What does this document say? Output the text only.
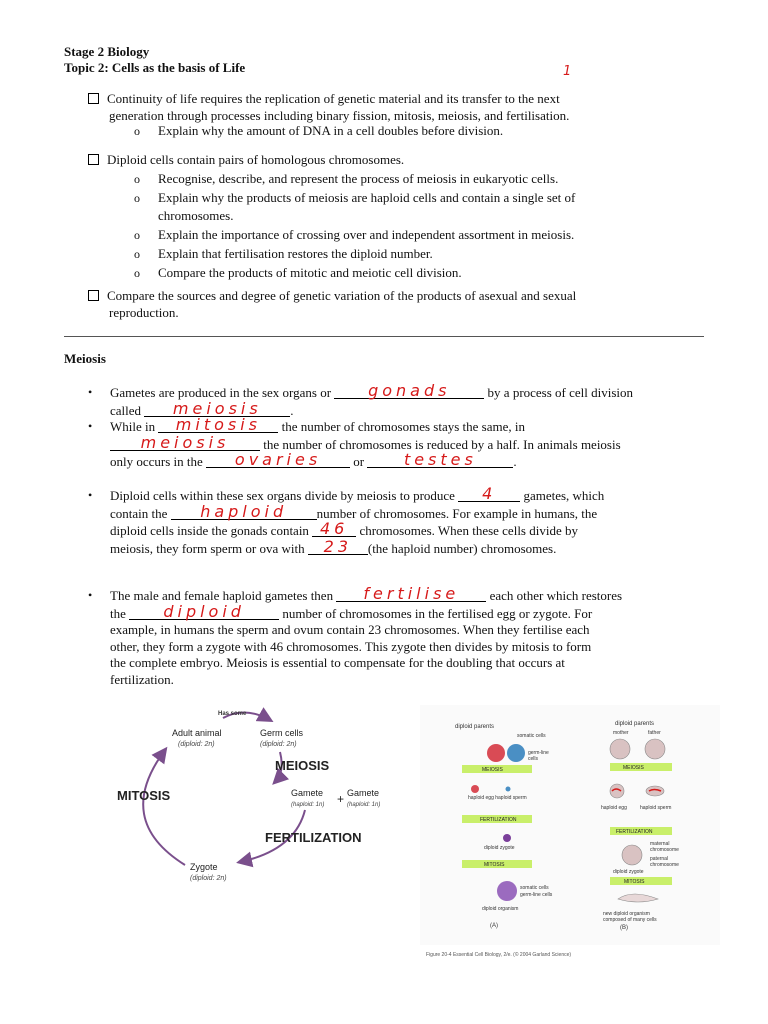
Stage 2 Biology
Topic 2: Cells as the basis of Life	1
Continuity of life requires the replication of genetic material and its transfer to the next
generation through processes including binary fission, mitosis, meiosis, and fertilisation.
o Explain why the amount of DNA in a cell doubles before division.
Diploid cells contain pairs of homologous chromosomes.
o Recognise, describe, and represent the process of meiosis in eukaryotic cells.
o Explain why the products of meiosis are haploid cells and contain a single set of
chromosomes.
o Explain the importance of crossing over and independent assortment in meiosis.
o Explain that fertilisation restores the diploid number.
o Compare the products of mitotic and meiotic cell division.
Compare the sources and degree of genetic variation of the products of asexual and sexual
reproduction.
Meiosis
• Gametes are produced in the sex organs or	gonads	by a process of cell division
called	meiosis	.
• While in	mitosis	the number of chromosomes stays the same, in

meiosis	the number of chromosomes is reduced by a half. In animals meiosis
only occurs in the	ovaries	or	testes	.
• Diploid cells within these sex organs divide by meiosis to produce	4	gametes, which
contain the	haploid	number of chromosomes. For example in humans, the
diploid cells inside the gonads contain 46 chromosomes. When these cells divide by
meiosis, they form sperm or ova with	23	(the haploid number) chromosomes.
• The male and female haploid gametes then	fertilise	each other which restores
the	diploid	number of chromosomes in the fertilised egg or zygote. For
example, in humans the sperm and ovum contain 23 chromosomes. When they fertilise each
other, they form a zygote with 46 chromosomes. This zygote then divides by mitosis to form
the complete embryo. Meiosis is essential to compensate for the doubling that occurs at
fertilization.
Has some
Adult animal
(diploid: 2n)
Germ cells
(diploid: 2n)
MEIOSIS
MITOSIS	Gamete
(haploid: 1n) + Gamete
(haploid: 1n)
FERTILIZATION
Zygote
(diploid: 2n)
diploid parents
somatic cells
germ-line
cells
MEIOSIS
haploid egg haploid sperm
FERTILIZATION
diploid zygote
MITOSIS
somatic cells
germ-line cells
diploid organism
(A)
diploid parents
mother	father
MEIOSIS
haploid egg	haploid sperm
FERTILIZATION
maternal
chromosome
paternal
chromosome
diploid zygote
MITOSIS
new diploid organism
composed of many cells
(B)
Figure 20-4 Essential Cell Biology, 2/e. (© 2004 Garland Science)
